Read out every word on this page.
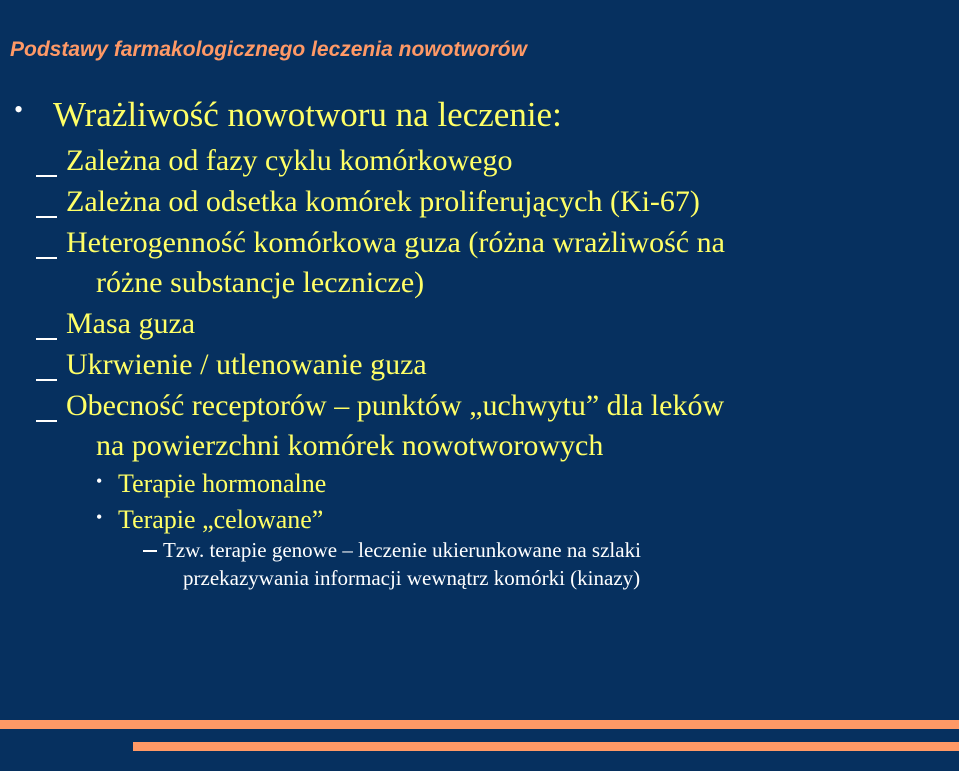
Podstawy farmakologicznego leczenia nowotworów
• Wrażliwość nowotworu na leczenie:

Zależna od fazy cyklu komórkowego

Zależna od odsetka komórek proliferujących (Ki-67)

Heterogenność komórkowa guza (różna wrażliwość na

różne substancje lecznicze)

Masa guza

Ukrwienie / utlenowanie guza

Obecność receptorów – punktów „uchwytu” dla leków

na powierzchni komórek nowotworowych

• Terapie hormonalne

• Terapie „celowane”

Tzw. terapie genowe – leczenie ukierunkowane na szlaki

przekazywania informacji wewnątrz komórki (kinazy)
